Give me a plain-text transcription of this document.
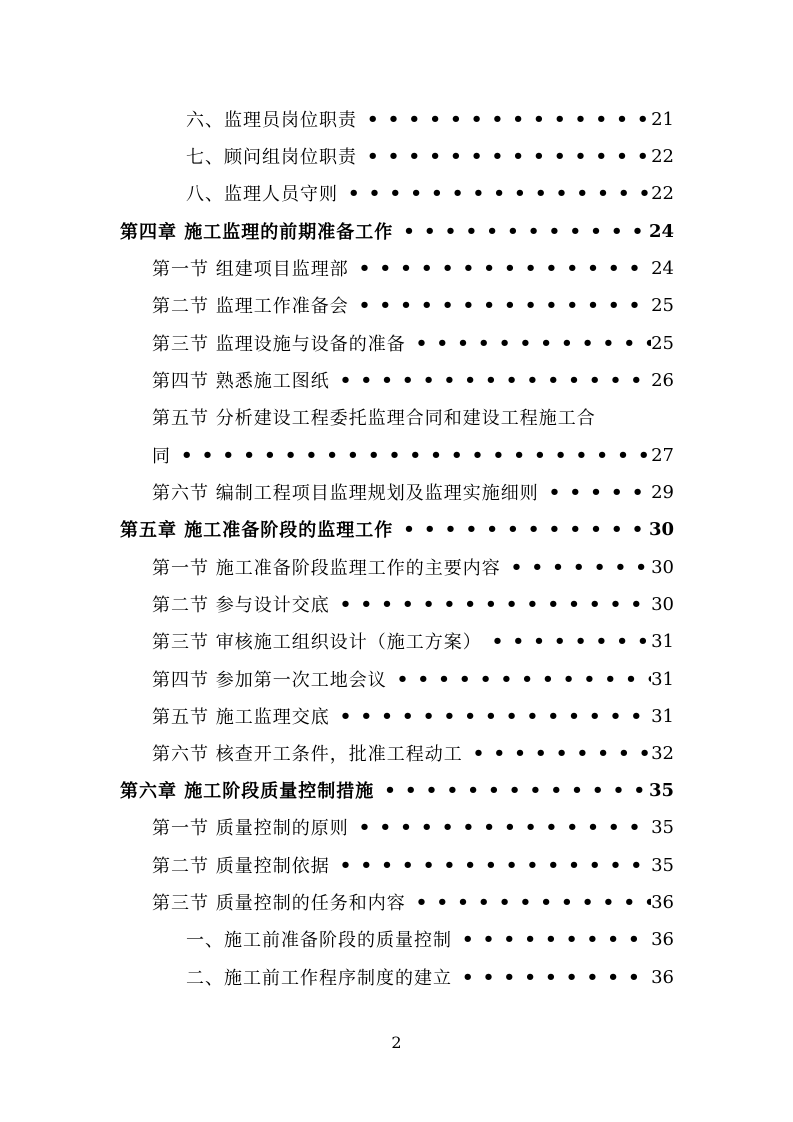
六、监理员岗位职责 • • •	21
七、顾问组岗位职责 • • •	22
八、监理人员守则 • • •	22
第四章 施工监理的前期准备工作 • • •	24
第一节 组建项目监理部 • • •	24
第二节 监理工作准备会 • • •	25
第三节 监理设施与设备的准备 • • •	25
第四节 熟悉施工图纸 • • •	26
第五节 分析建设工程委托监理合同和建设工程施工合
同 • • •	27
第六节 编制工程项目监理规划及监理实施细则 • • •	29
第五章 施工准备阶段的监理工作 • • •	30
第一节 施工准备阶段监理工作的主要内容 • • •	30
第二节 参与设计交底 • • •	30
第三节 审核施工组织设计（施工方案） • • •	31
第四节 参加第一次工地会议 • • •	31
第五节 施工监理交底 • • •	31
第六节 核查开工条件，批准工程动工 • • •	32
第六章 施工阶段质量控制措施 • • •	35
第一节 质量控制的原则 • • •	35
第二节 质量控制依据 • • •	35
第三节 质量控制的任务和内容 • • •	36
一、施工前准备阶段的质量控制 • • •	36
二、施工前工作程序制度的建立 • • •	36
2
